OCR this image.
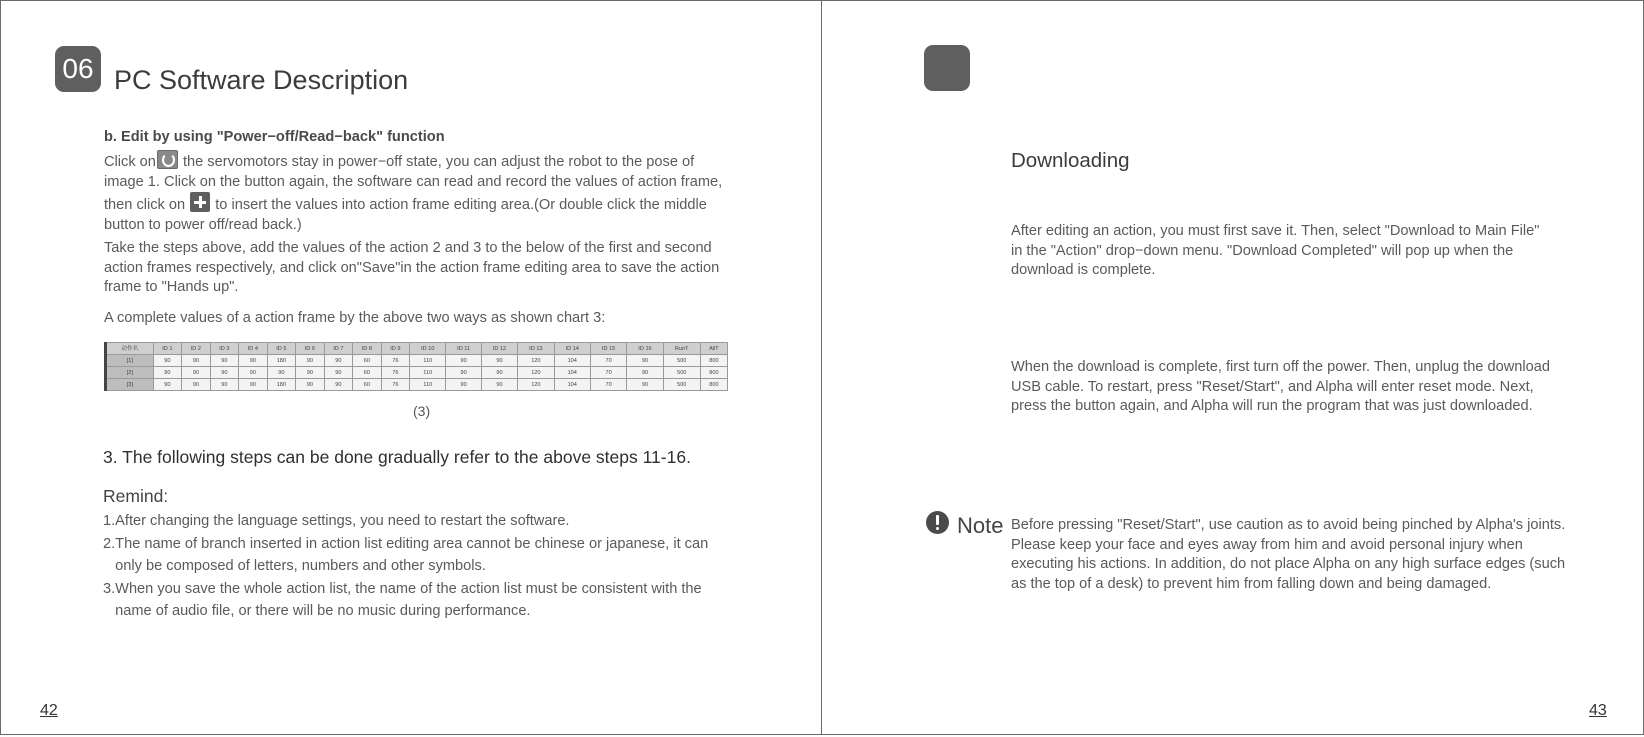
06 PC Software Description
b. Edit by using "Power−off/Read−back" function
Click on the servomotors stay in power−off state, you can adjust the robot to the pose of
image 1. Click on the button again, the software can read and record the values of action frame,
then click on  to insert the values into action frame editing area.(Or double click the middle
button to power off/read back.)
Take the steps above, add the values of the action 2 and 3 to the below of the first and second
action frames respectively, and click on"Save"in the action frame editing area to save the action
frame to "Hands up".
A complete values of a action frame by the above two ways as shown chart 3:
动作名	ID 1	ID 2	ID 3	ID 4	ID 5	ID 6	ID 7	ID 8	ID 9	ID 10	ID 11	ID 12	ID 13	ID 14	ID 15	ID 16	RunT	AllT
[1]	90	90	90	90	180	90	90	60	76	110	90	90	120	104	70	90	500	800
[2]	90	90	90	90	90	90	90	60	76	110	90	90	120	104	70	90	500	800
[3]	90	90	90	90	180	90	90	60	76	110	90	90	120	104	70	90	500	800
(3)
3. The following steps can be done gradually refer to the above steps 11-16.
Remind:
1.After changing the language settings, you need to restart the software.
2.The name of branch inserted in action list editing area cannot be chinese or japanese, it can
only be composed of letters, numbers and other symbols.
3.When you save the whole action list, the name of the action list must be consistent with the
name of audio file, or there will be no music during performance.
42
Downloading
After editing an action, you must first save it. Then, select "Download to Main File"
in the "Action" drop−down menu. "Download Completed" will pop up when the
download is complete.
When the download is complete, first turn off the power. Then, unplug the download
USB cable. To restart, press "Reset/Start", and Alpha will enter reset mode. Next,
press the button again, and Alpha will run the program that was just downloaded.
Note Before pressing "Reset/Start", use caution as to avoid being pinched by Alpha's joints.
Please keep your face and eyes away from him and avoid personal injury when
executing his actions. In addition, do not place Alpha on any high surface edges (such
as the top of a desk) to prevent him from falling down and being damaged.
43
